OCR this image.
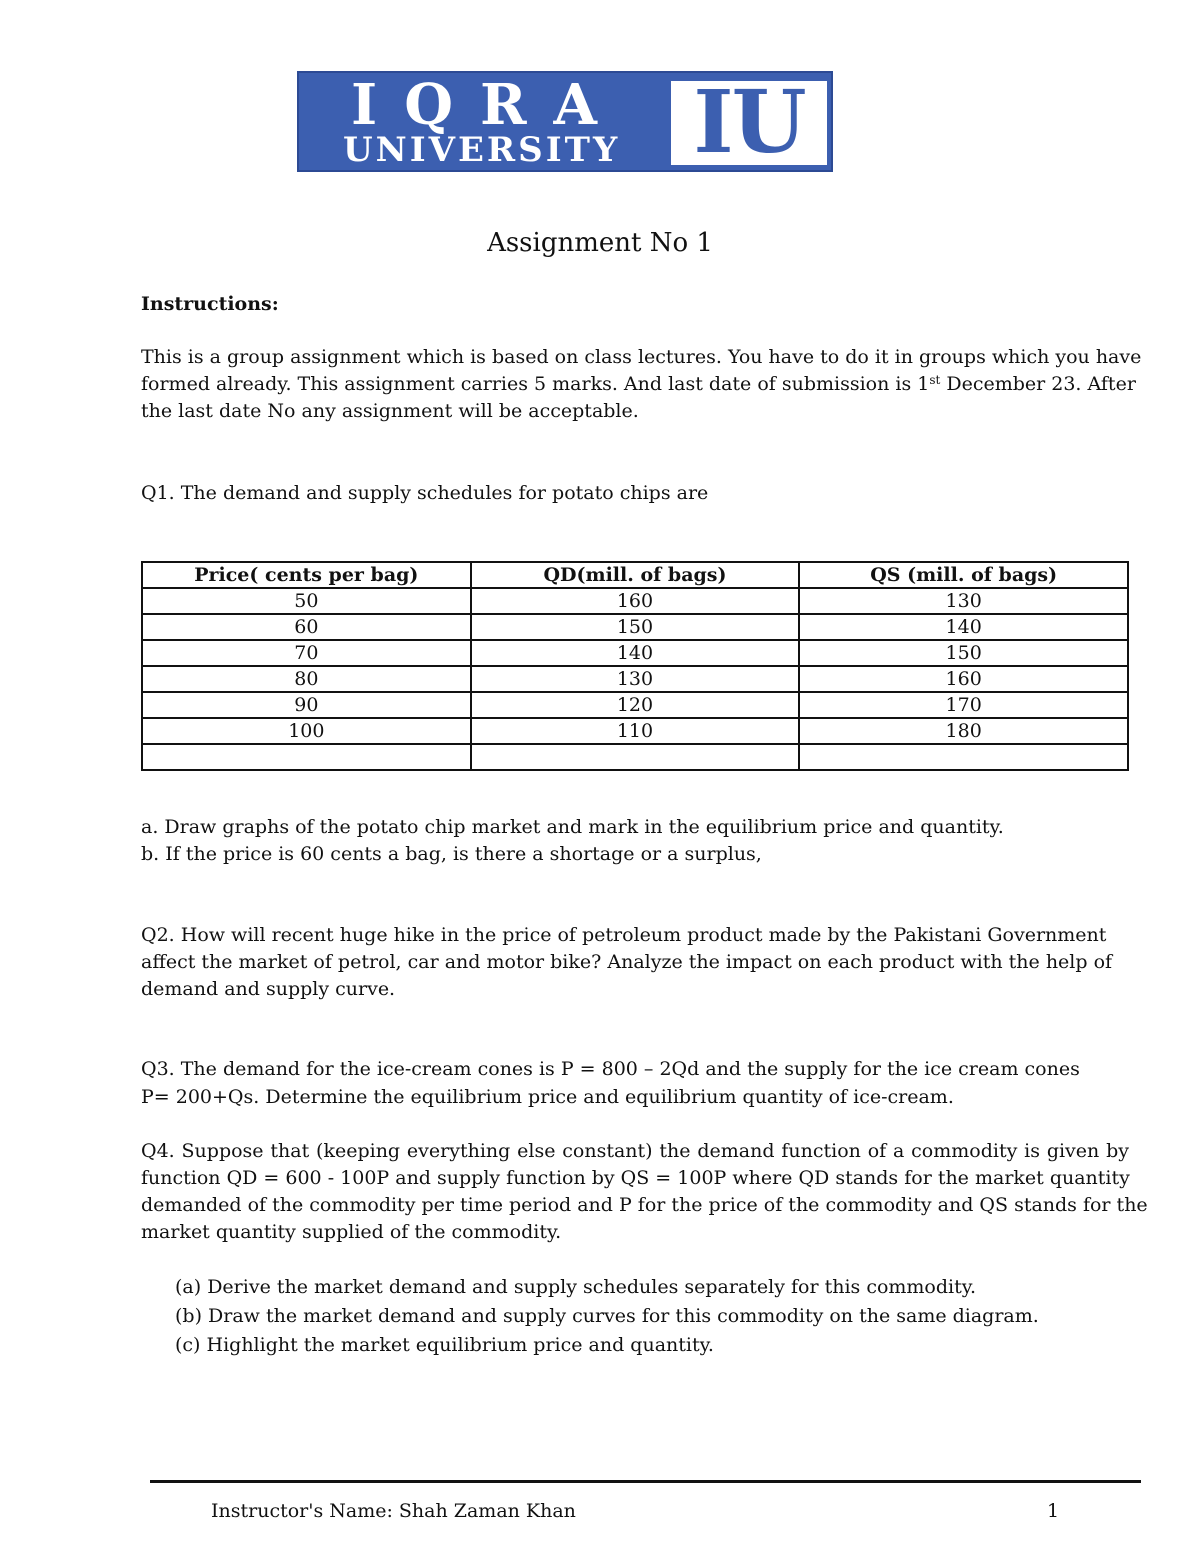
IQRA
UNIVERSITY IU
Assignment No 1
Instructions:
This is a group assignment which is based on class lectures. You have to do it in groups which you have
formed already. This assignment carries 5 marks. And last date of submission is 1st December 23. After
the last date No any assignment will be acceptable.
Q1. The demand and supply schedules for potato chips are
Price( cents per bag)	QD(mill. of bags)	QS (mill. of bags)
50	160	130
60	150	140
70	140	150
80	130	160
90	120	170
100	110	180

a. Draw graphs of the potato chip market and mark in the equilibrium price and quantity.
b. If the price is 60 cents a bag, is there a shortage or a surplus,
Q2. How will recent huge hike in the price of petroleum product made by the Pakistani Government
affect the market of petrol, car and motor bike? Analyze the impact on each product with the help of
demand and supply curve.
Q3. The demand for the ice-cream cones is P = 800 – 2Qd and the supply for the ice cream cones
P= 200+Qs. Determine the equilibrium price and equilibrium quantity of ice-cream.
Q4. Suppose that (keeping everything else constant) the demand function of a commodity is given by
function QD = 600 - 100P and supply function by QS = 100P where QD stands for the market quantity
demanded of the commodity per time period and P for the price of the commodity and QS stands for the
market quantity supplied of the commodity.
(a) Derive the market demand and supply schedules separately for this commodity.
(b) Draw the market demand and supply curves for this commodity on the same diagram.
(c) Highlight the market equilibrium price and quantity.
Instructor's Name: Shah Zaman Khan	1
